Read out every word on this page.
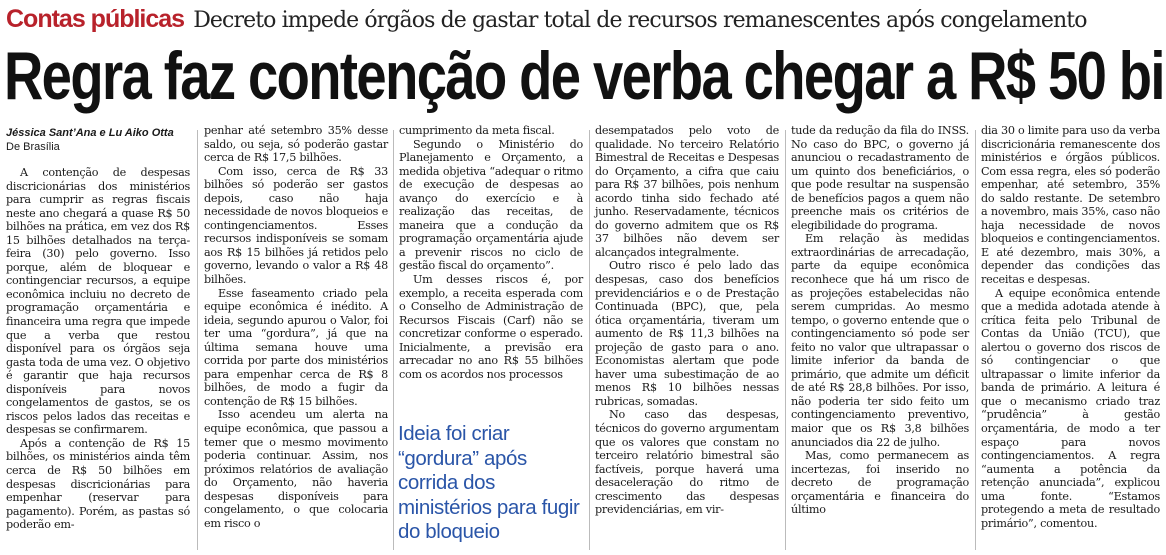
Contas públicas Decreto impede órgãos de gastar total de recursos remanescentes após congelamento
Regra faz contenção de verba chegar a R$ 50 bi
Jéssica Sant’Ana e Lu Aiko Otta
De Brasília

A contenção de despesas discricionárias dos ministérios para cumprir as regras fiscais neste ano chegará a quase R$ 50 bilhões na prática, em vez dos R$ 15 bilhões detalhados na terça-feira (30) pelo governo. Isso porque, além de bloquear e contingenciar recursos, a equipe econômica incluiu no decreto de programação orçamentária e financeira uma regra que impede que a verba que restou disponível para os órgãos seja gasta toda de uma vez. O objetivo é garantir que haja recursos disponíveis para novos congelamentos de gastos, se os riscos pelos lados das receitas e despesas se confirmarem.

Após a contenção de R$ 15 bilhões, os ministérios ainda têm cerca de R$ 50 bilhões em despesas discricionárias para empenhar (reservar para pagamento). Porém, as pastas só poderão em-

penhar até setembro 35% desse saldo, ou seja, só poderão gastar cerca de R$ 17,5 bilhões.

Com isso, cerca de R$ 33 bilhões só poderão ser gastos depois, caso não haja necessidade de novos bloqueios e contingenciamentos. Esses recursos indisponíveis se somam aos R$ 15 bilhões já retidos pelo governo, levando o valor a R$ 48 bilhões.

Esse faseamento criado pela equipe econômica é inédito. A ideia, segundo apurou o Valor, foi ter uma “gordura”, já que na última semana houve uma corrida por parte dos ministérios para empenhar cerca de R$ 8 bilhões, de modo a fugir da contenção de R$ 15 bilhões.

Isso acendeu um alerta na equipe econômica, que passou a temer que o mesmo movimento poderia continuar. Assim, nos próximos relatórios de avaliação do Orçamento, não haveria despesas disponíveis para congelamento, o que colocaria em risco o

cumprimento da meta fiscal.

Segundo o Ministério do Planejamento e Orçamento, a medida objetiva “adequar o ritmo de execução de despesas ao avanço do exercício e à realização das receitas, de maneira que a condução da programação orçamentária ajude a prevenir riscos no ciclo de gestão fiscal do orçamento”.

Um desses riscos é, por exemplo, a receita esperada com o Conselho de Administração de Recursos Fiscais (Carf) não se concretizar conforme o esperado. Inicialmente, a previsão era arrecadar no ano R$ 55 bilhões com os acordos nos processos

Ideia foi criar “gordura” após corrida dos ministérios para fugir do bloqueio

desempatados pelo voto de qualidade. No terceiro Relatório Bimestral de Receitas e Despesas do Orçamento, a cifra que caiu para R$ 37 bilhões, pois nenhum acordo tinha sido fechado até junho. Reservadamente, técnicos do governo admitem que os R$ 37 bilhões não devem ser alcançados integralmente.

Outro risco é pelo lado das despesas, caso dos benefícios previdenciários e o de Prestação Continuada (BPC), que, pela ótica orçamentária, tiveram um aumento de R$ 11,3 bilhões na projeção de gasto para o ano. Economistas alertam que pode haver uma subestimação de ao menos R$ 10 bilhões nessas rubricas, somadas.

No caso das despesas, técnicos do governo argumentam que os valores que constam no terceiro relatório bimestral são factíveis, porque haverá uma desaceleração do ritmo de crescimento das despesas previdenciárias, em vir-

tude da redução da fila do INSS. No caso do BPC, o governo já anunciou o recadastramento de um quinto dos beneficiários, o que pode resultar na suspensão de benefícios pagos a quem não preenche mais os critérios de elegibilidade do programa.

Em relação às medidas extraordinárias de arrecadação, parte da equipe econômica reconhece que há um risco de as projeções estabelecidas não serem cumpridas. Ao mesmo tempo, o governo entende que o contingenciamento só pode ser feito no valor que ultrapassar o limite inferior da banda de primário, que admite um déficit de até R$ 28,8 bilhões. Por isso, não poderia ter sido feito um contingenciamento preventivo, maior que os R$ 3,8 bilhões anunciados dia 22 de julho.

Mas, como permanecem as incertezas, foi inserido no decreto de programação orçamentária e financeira do último

dia 30 o limite para uso da verba discricionária remanescente dos ministérios e órgãos públicos. Com essa regra, eles só poderão empenhar, até setembro, 35% do saldo restante. De setembro a novembro, mais 35%, caso não haja necessidade de novos bloqueios e contingenciamentos. E até dezembro, mais 30%, a depender das condições das receitas e despesas.

A equipe econômica entende que a medida adotada atende à crítica feita pelo Tribunal de Contas da União (TCU), que alertou o governo dos riscos de só contingenciar o que ultrapassar o limite inferior da banda de primário. A leitura é que o mecanismo criado traz “prudência” à gestão orçamentária, de modo a ter espaço para novos contingenciamentos. A regra “aumenta a potência da retenção anunciada”, explicou uma fonte. “Estamos protegendo a meta de resultado primário”, comentou.
